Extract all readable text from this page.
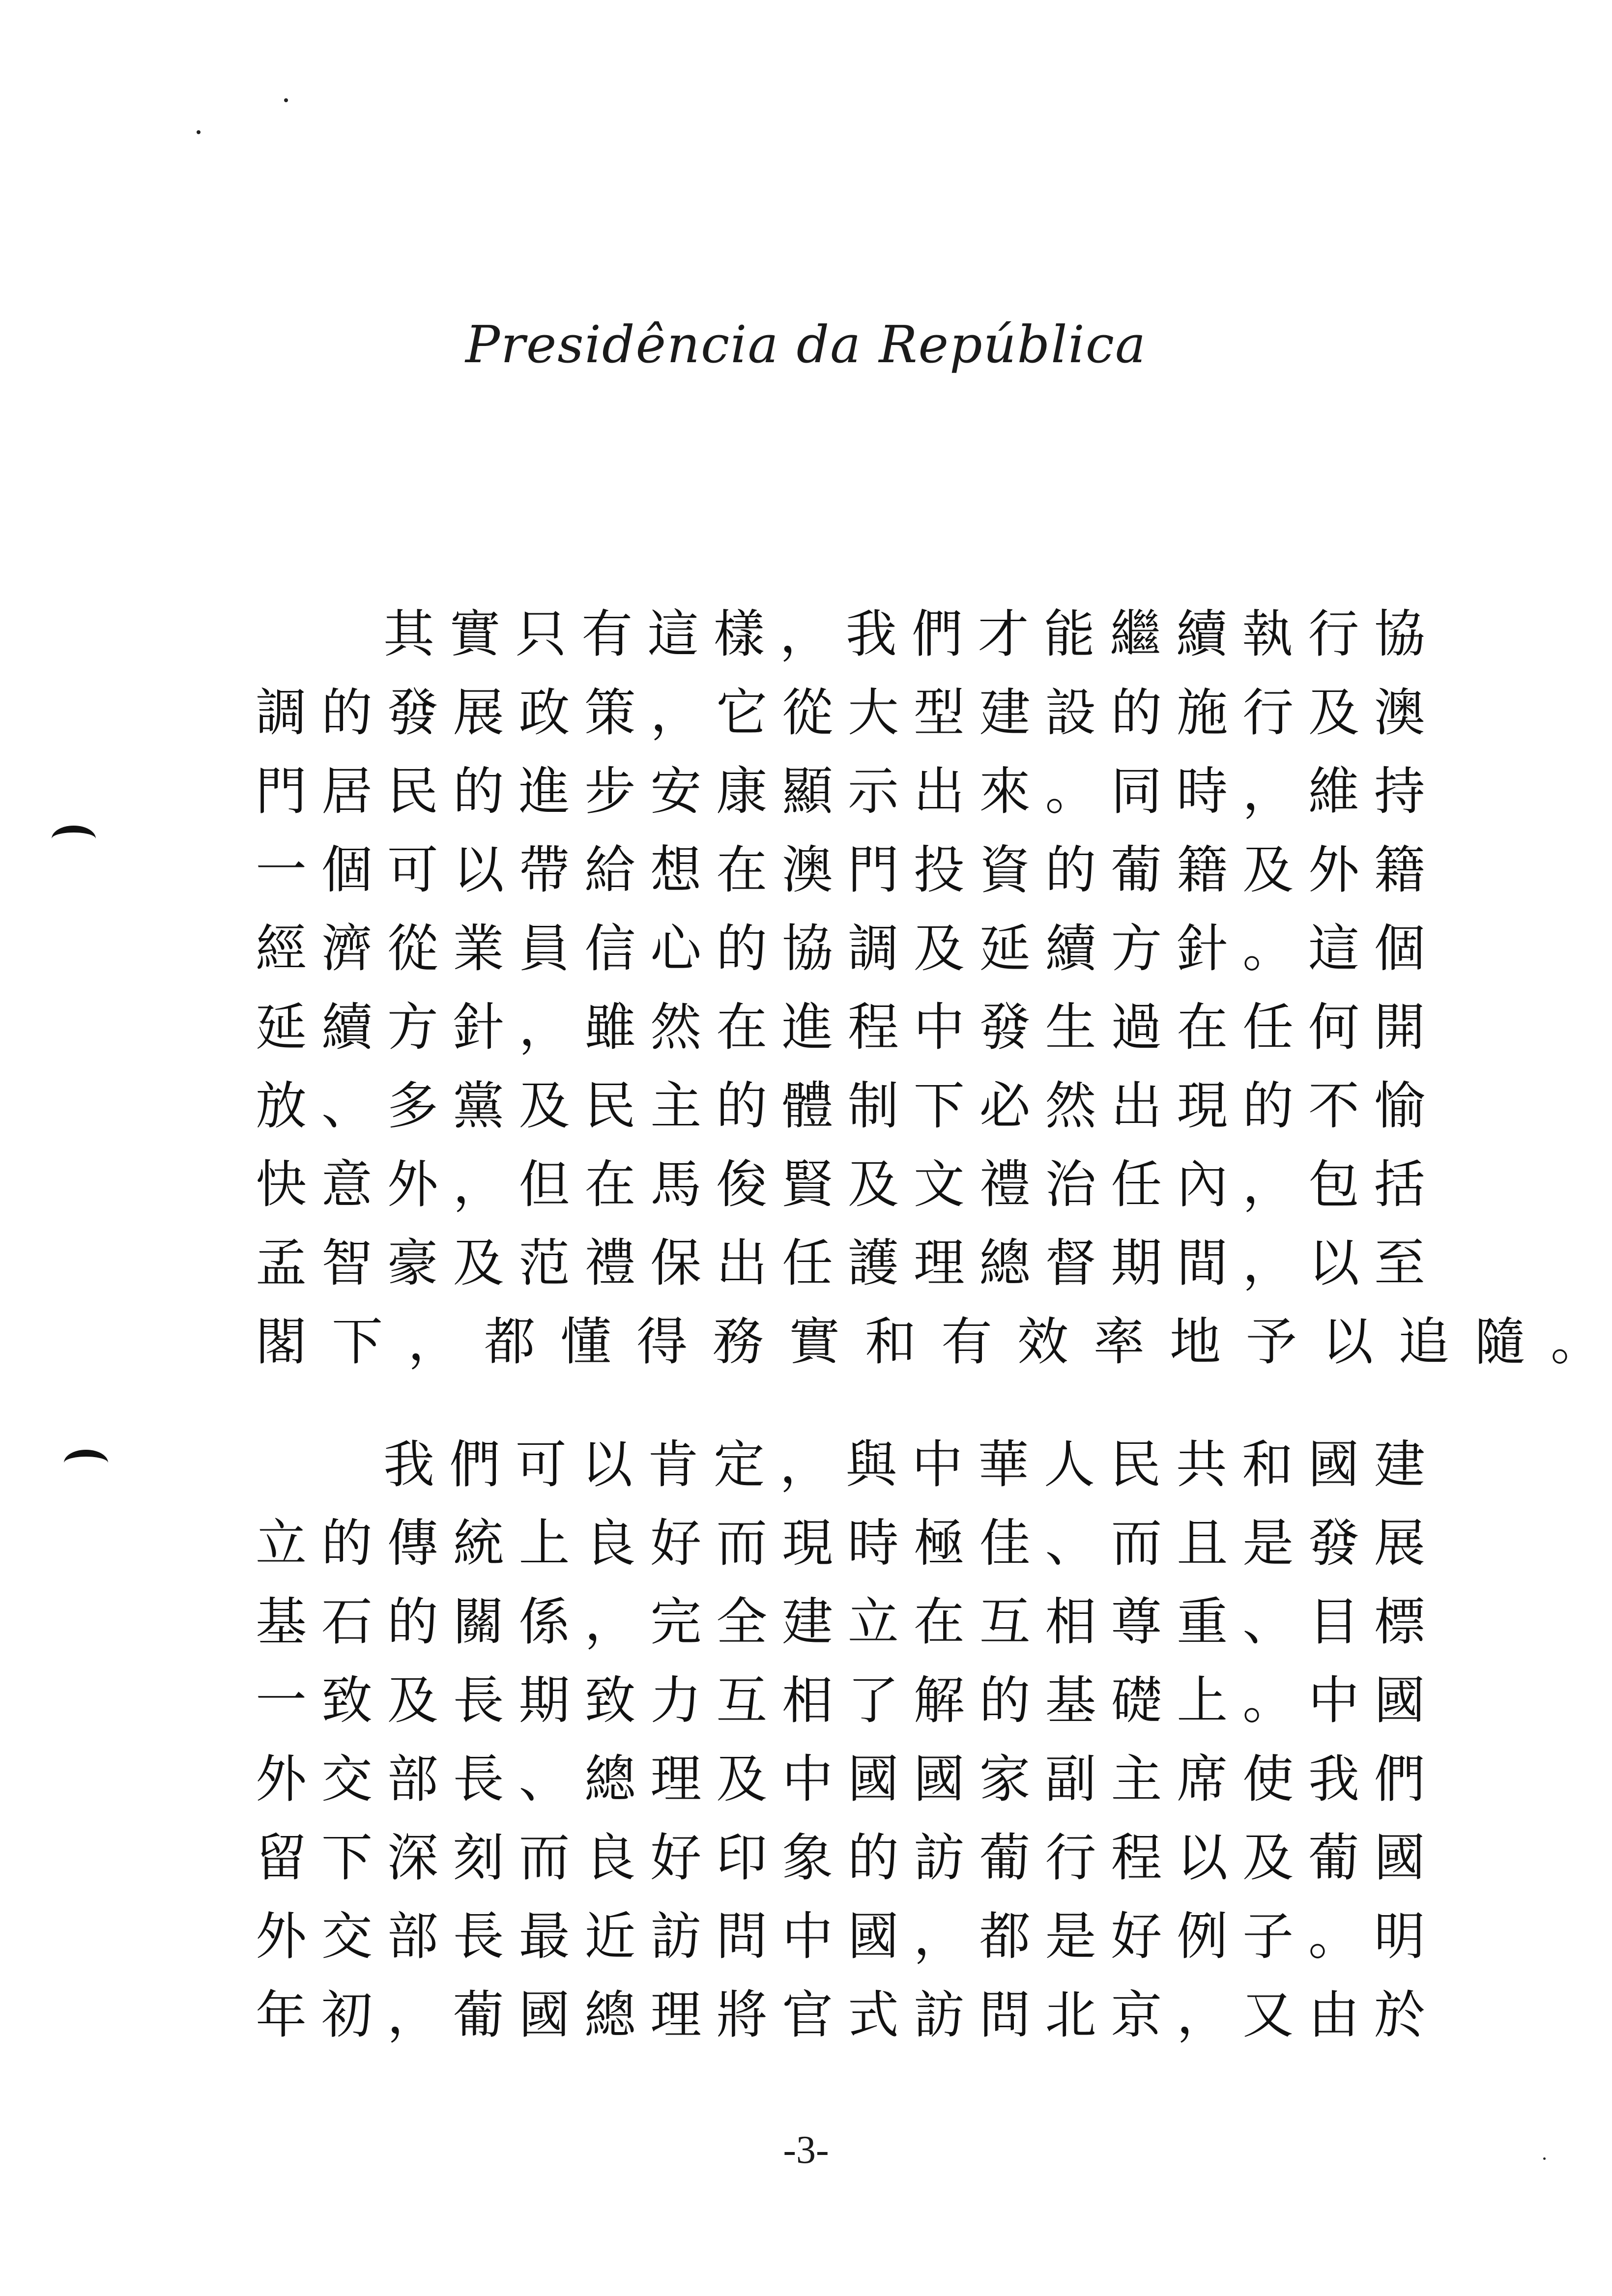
Presidência da República
其 實 只 有 這 樣 ， 我 們 才 能 繼 續 執 行 協
調 的 發 展 政 策 ， 它 從 大 型 建 設 的 施 行 及 澳
門 居 民 的 進 步 安 康 顯 示 出 來 。 同 時 ， 維 持
一 個 可 以 帶 給 想 在 澳 門 投 資 的 葡 籍 及 外 籍
經 濟 從 業 員 信 心 的 協 調 及 延 續 方 針 。 這 個
延 續 方 針 ， 雖 然 在 進 程 中 發 生 過 在 任 何 開
放 、 多 黨 及 民 主 的 體 制 下 必 然 出 現 的 不 愉
快 意 外 ， 但 在 馬 俊 賢 及 文 禮 治 任 內 ， 包 括
孟 智 豪 及 范 禮 保 出 任 護 理 總 督 期 間 ， 以 至
閣 下 ， 都 懂 得 務 實 和 有 效 率 地 予 以 追 隨 。
我 們 可 以 肯 定 ， 與 中 華 人 民 共 和 國 建
立 的 傳 統 上 良 好 而 現 時 極 佳 、 而 且 是 發 展
基 石 的 關 係 ， 完 全 建 立 在 互 相 尊 重 、 目 標
一 致 及 長 期 致 力 互 相 了 解 的 基 礎 上 。 中 國
外 交 部 長 、 總 理 及 中 國 國 家 副 主 席 使 我 們
留 下 深 刻 而 良 好 印 象 的 訪 葡 行 程 以 及 葡 國
外 交 部 長 最 近 訪 問 中 國 ， 都 是 好 例 子 。 明
年 初 ， 葡 國 總 理 將 官 式 訪 問 北 京 ， 又 由 於
-3-
